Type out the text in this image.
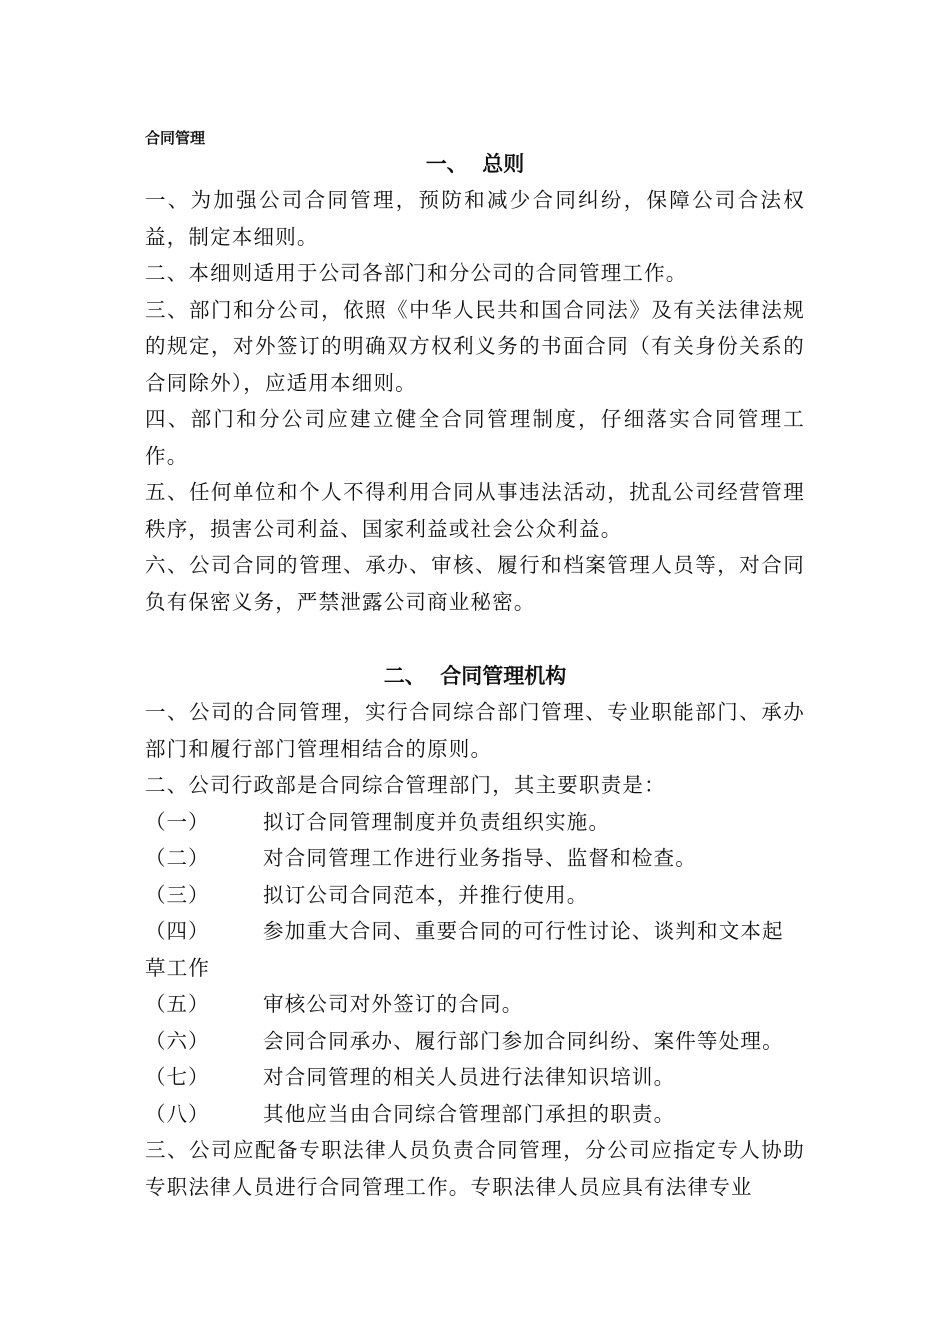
合同管理
一、  总则
一、为加强公司合同管理，预防和减少合同纠纷，保障公司合法权益，制定本细则。
二、本细则适用于公司各部门和分公司的合同管理工作。
三、部门和分公司，依照《中华人民共和国合同法》及有关法律法规的规定，对外签订的明确双方权利义务的书面合同（有关身份关系的合同除外），应适用本细则。
四、部门和分公司应建立健全合同管理制度，仔细落实合同管理工作。
五、任何单位和个人不得利用合同从事违法活动，扰乱公司经营管理秩序，损害公司利益、国家利益或社会公众利益。
六、公司合同的管理、承办、审核、履行和档案管理人员等，对合同负有保密义务，严禁泄露公司商业秘密。
二、  合同管理机构
一、公司的合同管理，实行合同综合部门管理、专业职能部门、承办部门和履行部门管理相结合的原则。
二、公司行政部是合同综合管理部门，其主要职责是：
（一）	拟订合同管理制度并负责组织实施。
（二）	对合同管理工作进行业务指导、监督和检查。
（三）	拟订公司合同范本，并推行使用。
（四）	参加重大合同、重要合同的可行性讨论、谈判和文本起草工作
（五）	审核公司对外签订的合同。
（六）	会同合同承办、履行部门参加合同纠纷、案件等处理。
（七）	对合同管理的相关人员进行法律知识培训。
（八）	其他应当由合同综合管理部门承担的职责。
三、公司应配备专职法律人员负责合同管理，分公司应指定专人协助专职法律人员进行合同管理工作。专职法律人员应具有法律专业
